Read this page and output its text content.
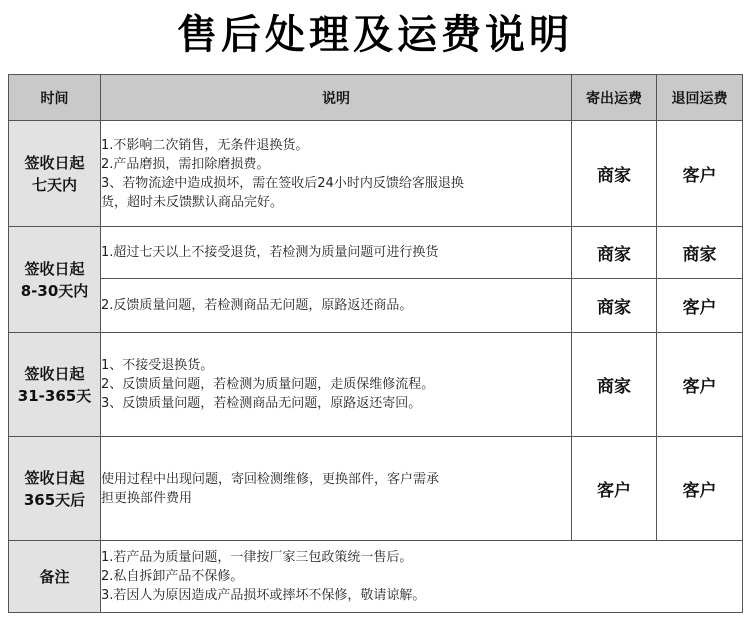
售后处理及运费说明
时间	说明	寄出运费	退回运费

签收日起
七天内	1.不影响二次销售，无条件退换货。
2.产品磨损，需扣除磨损费。
3、若物流途中造成损坏，需在签收后24小时内反馈给客服退换
货，超时未反馈默认商品完好。	商家	客户

签收日起
8-30天内	1.超过七天以上不接受退货，若检测为质量问题可进行换货	商家	商家

	2.反馈质量问题，若检测商品无问题，原路返还商品。	商家	客户

签收日起
31-365天	1、不接受退换货。
2、反馈质量问题，若检测为质量问题，走质保维修流程。
3、反馈质量问题，若检测商品无问题，原路返还寄回。	商家	客户

签收日起
365天后	使用过程中出现问题，寄回检测维修，更换部件，客户需承
担更换部件费用	客户	客户
备注	1.若产品为质量问题，一律按厂家三包政策统一售后。
2.私自拆卸产品不保修。
3.若因人为原因造成产品损坏或摔坏不保修，敬请谅解。		
